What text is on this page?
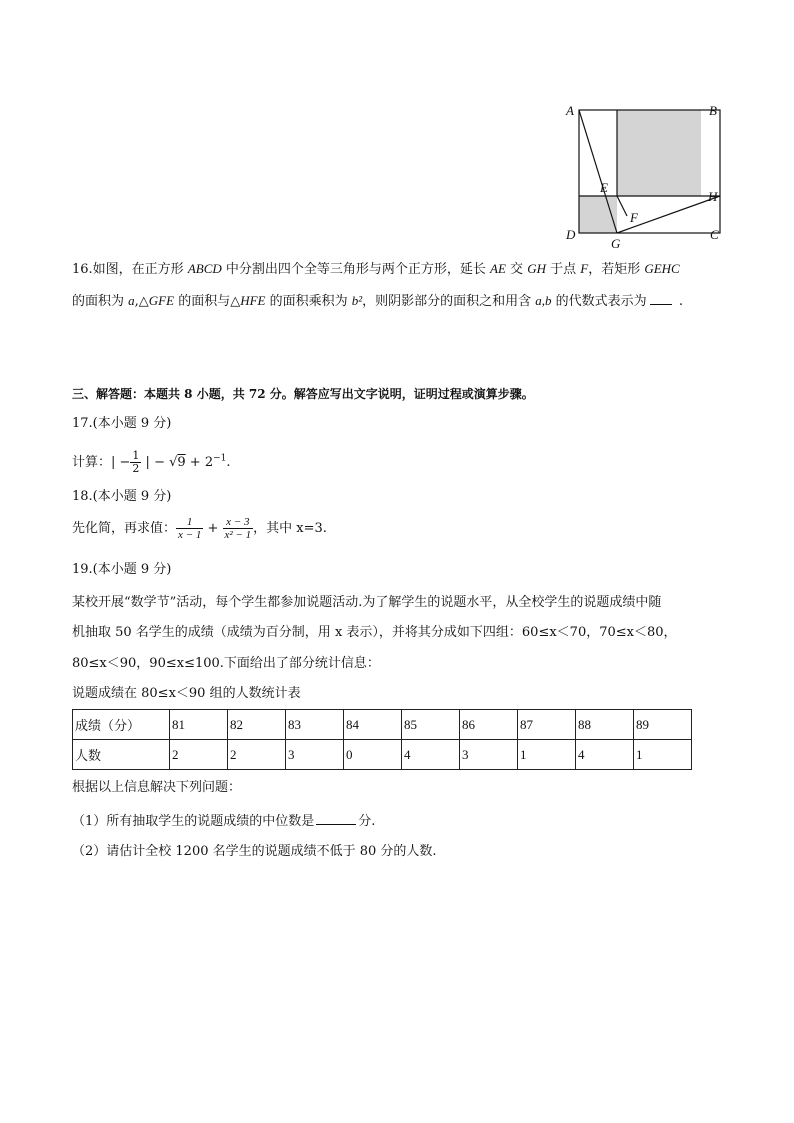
A	B
E
H
F
D
G
C
16.如图，在正方形 ABCD 中分割出四个全等三角形与两个正方形，延长 AE 交 GH 于点 F，若矩形 GEHC
的面积为 a,△GFE 的面积与△HFE 的面积乘积为 b²，则阴影部分的面积之和用含 a,b 的代数式表示为 .
三、解答题：本题共 8 小题，共 72 分。解答应写出文字说明，证明过程或演算步骤。
17.(本小题 9 分)
计算：| − $\frac{1}{2}$ | − $√9 + 2^{-1}$.
18.(本小题 9 分)
先化简，再求值： $\frac{1}{x - 1} + \frac{x - 3}{\text{x² − 1}}$ ，其中 x=3.
19.(本小题 9 分)
某校开展“数学节”活动，每个学生都参加说题活动.为了解学生的说题水平，从全校学生的说题成绩中随
机抽取 50 名学生的成绩（成绩为百分制，用 x 表示），并将其分成如下四组：60≤x＜70，70≤x＜80，
80≤x＜90，90≤x≤100.下面给出了部分统计信息：
说题成绩在 80≤x＜90 组的人数统计表
成绩（分）	81	82	83	84	85	86	87	88	89
人数	2	2	3	0	4	3	1	4	1
根据以上信息解决下列问题：
（1）所有抽取学生的说题成绩的中位数是	分.
（2）请估计全校 1200 名学生的说题成绩不低于 80 分的人数.
